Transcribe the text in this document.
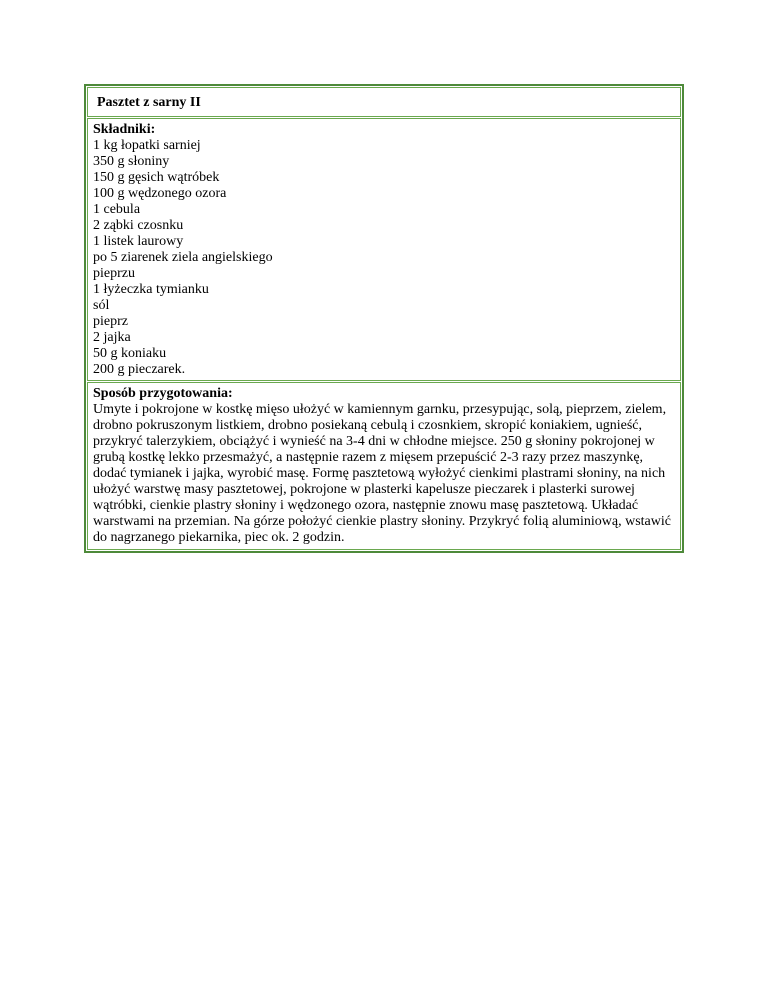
Pasztet z sarny II
Składniki:
1 kg łopatki sarniej
350 g słoniny
150 g gęsich wątróbek
100 g wędzonego ozora
1 cebula
2 ząbki czosnku
1 listek laurowy
po 5 ziarenek ziela angielskiego
pieprzu
1 łyżeczka tymianku
sól
pieprz
2 jajka
50 g koniaku
200 g pieczarek.
Sposób przygotowania:
Umyte i pokrojone w kostkę mięso ułożyć w kamiennym garnku, przesypując, solą, pieprzem, zielem, drobno pokruszonym listkiem, drobno posiekaną cebulą i czosnkiem, skropić koniakiem, ugnieść, przykryć talerzykiem, obciążyć i wynieść na 3-4 dni w chłodne miejsce. 250 g słoniny pokrojonej w grubą kostkę lekko przesmażyć, a następnie razem z mięsem przepuścić 2-3 razy przez maszynkę, dodać tymianek i jajka, wyrobić masę. Formę pasztetową wyłożyć cienkimi plastrami słoniny, na nich ułożyć warstwę masy pasztetowej, pokrojone w plasterki kapelusze pieczarek i plasterki surowej wątróbki, cienkie plastry słoniny i wędzonego ozora, następnie znowu masę pasztetową. Układać warstwami na przemian. Na górze położyć cienkie plastry słoniny. Przykryć folią aluminiową, wstawić do nagrzanego piekarnika, piec ok. 2 godzin.
